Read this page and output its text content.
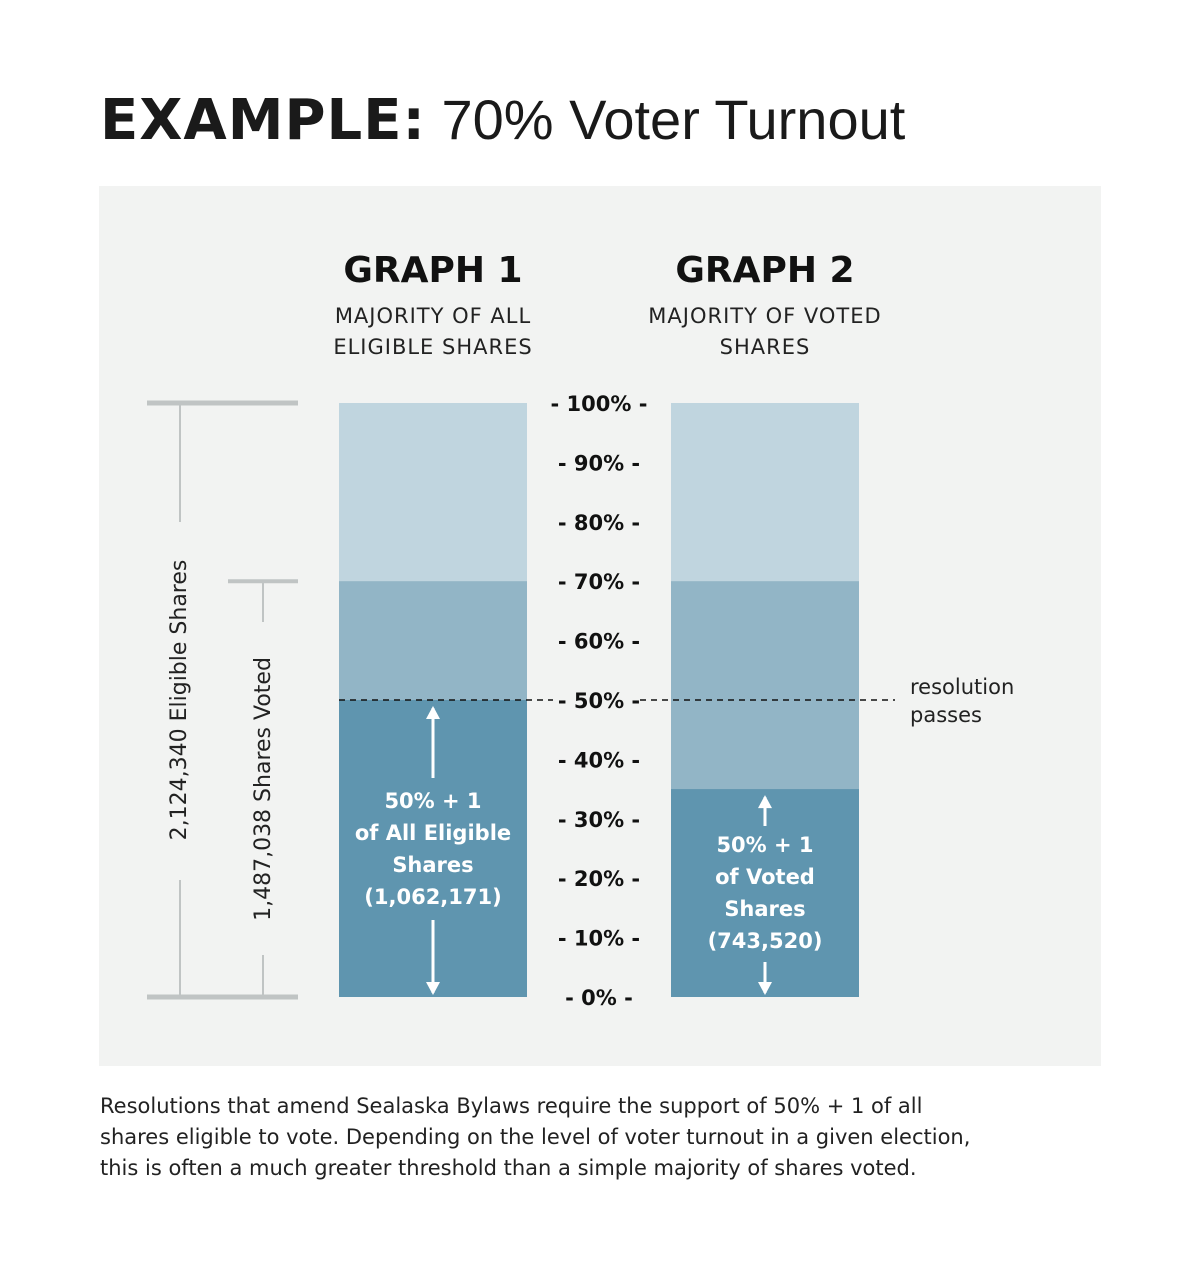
EXAMPLE: 70% Voter Turnout
GRAPH 1
MAJORITY OF ALL
ELIGIBLE SHARES
GRAPH 2
MAJORITY OF VOTED
SHARES
- 0% -
- 10% -
- 20% -
- 30% -
- 40% -
- 50% -
- 60% -
- 70% -
- 80% -
- 90% -
- 100% -
resolution
passes
50% + 1
of All Eligible
Shares
(1,062,171)
50% + 1
of Voted
Shares
(743,520)
2,124,340 Eligible Shares	1,487,038 Shares Voted
Resolutions that amend Sealaska Bylaws require the support of 50% + 1 of all
shares eligible to vote. Depending on the level of voter turnout in a given election,
this is often a much greater threshold than a simple majority of shares voted.
